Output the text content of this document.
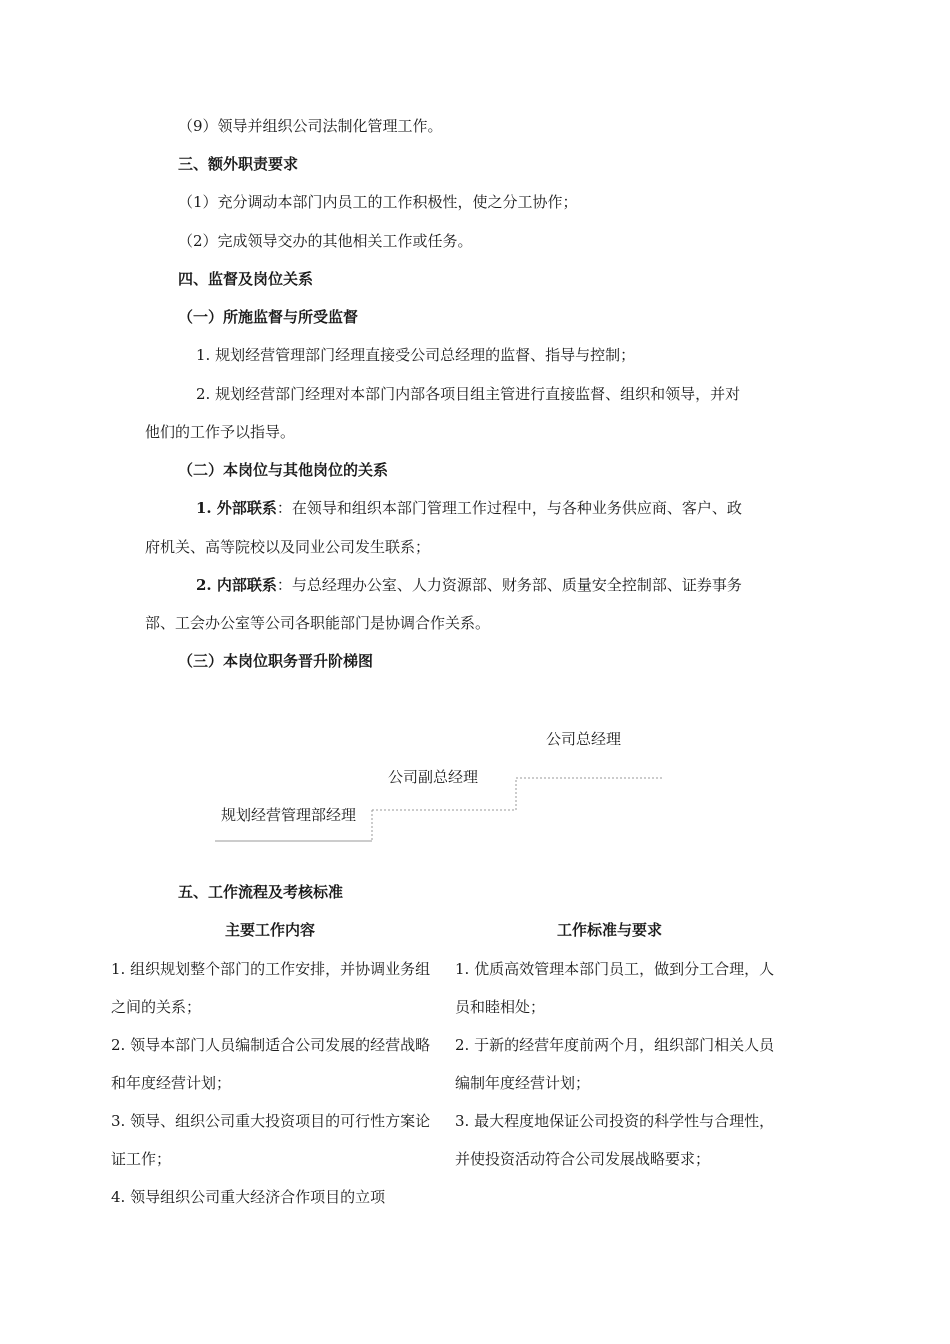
（9）领导并组织公司法制化管理工作。
三、额外职责要求
（1）充分调动本部门内员工的工作积极性，使之分工协作；
（2）完成领导交办的其他相关工作或任务。
四、监督及岗位关系
（一）所施监督与所受监督
1. 规划经营管理部门经理直接受公司总经理的监督、指导与控制；
2. 规划经营部门经理对本部门内部各项目组主管进行直接监督、组织和领导，并对
他们的工作予以指导。
（二）本岗位与其他岗位的关系
1. 外部联系：在领导和组织本部门管理工作过程中，与各种业务供应商、客户、政
府机关、高等院校以及同业公司发生联系；
2. 内部联系：与总经理办公室、人力资源部、财务部、质量安全控制部、证券事务
部、工会办公室等公司各职能部门是协调合作关系。
（三）本岗位职务晋升阶梯图
公司总经理
公司副总经理
规划经营管理部经理
五、工作流程及考核标准
主要工作内容	工作标准与要求

1. 组织规划整个部门的工作安排，并协调业务组之间的关系；

2. 领导本部门人员编制适合公司发展的经营战略和年度经营计划；

3. 领导、组织公司重大投资项目的可行性方案论证工作；

4. 领导组织公司重大经济合作项目的立项

1. 优质高效管理本部门员工，做到分工合理，人员和睦相处；

2. 于新的经营年度前两个月，组织部门相关人员编制年度经营计划；

3. 最大程度地保证公司投资的科学性与合理性，并使投资活动符合公司发展战略要求；
